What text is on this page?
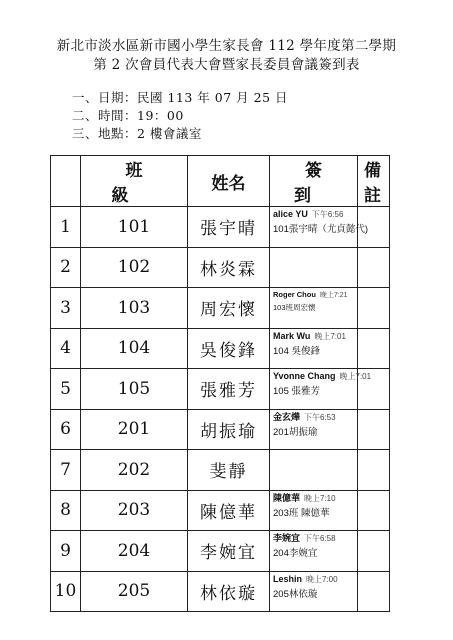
新北市淡水區新市國小學生家長會 112 學年度第二學期
第 2 次會員代表大會暨家長委員會議簽到表
一、日期：民國 113 年 07 月 25 日
二、時間：19：00
三、地點：2 樓會議室
	班級	姓名	簽到	備註
1	101	張宇晴	alice YU 下午6:56
101張宇晴（尤貞懿代)	

2	102	林炎霖		
3	103	周宏懷	Roger Chou 晚上7:21
103班周宏懷	

4	104	吳俊鋒	Mark Wu 晚上7:01
104 吳俊鋒	

5	105	張雅芳	Yvonne Chang 晚上7:01
105 張雅芳	

6	201	胡振瑜	金玄燁 下午6:53
201胡振瑜	

7	202	斐靜		
8	203	陳億華	陳億華 晚上7:10
203班 陳億華	

9	204	李婉宜	李婉宜 下午6:58
204李婉宜	

10	205	林依璇	Leshin 晚上7:00
205林依璇	
